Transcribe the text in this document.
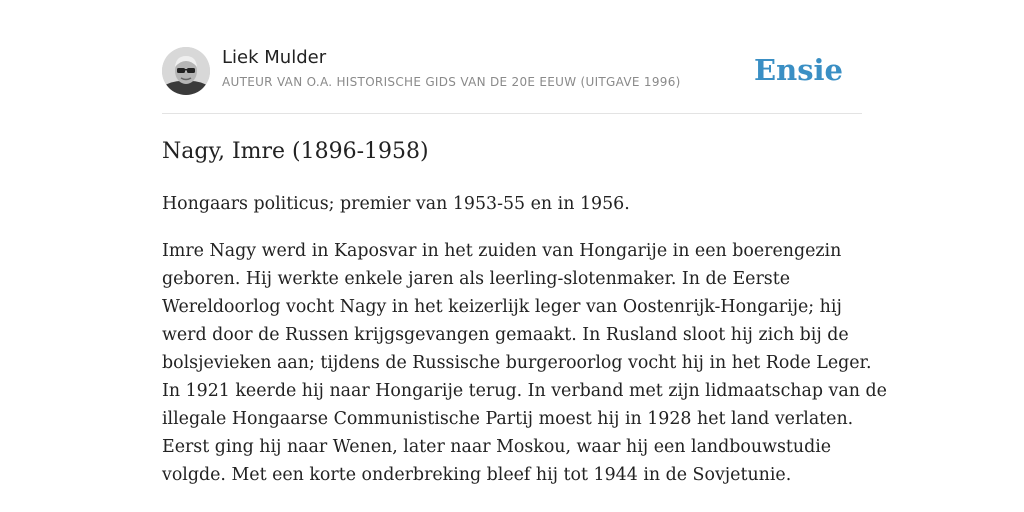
Liek Mulder
AUTEUR VAN O.A. HISTORISCHE GIDS VAN DE 20E EEUW (UITGAVE 1996)	Ensie
Nagy, Imre (1896-1958)

Hongaars politicus; premier van 1953-55 en in 1956.

Imre Nagy werd in Kaposvar in het zuiden van Hongarije in een boerengezin
geboren. Hij werkte enkele jaren als leerling-slotenmaker. In de Eerste
Wereldoorlog vocht Nagy in het keizerlijk leger van Oostenrijk-Hongarije; hij
werd door de Russen krijgsgevangen gemaakt. In Rusland sloot hij zich bij de
bolsjevieken aan; tijdens de Russische burgeroorlog vocht hij in het Rode Leger.
In 1921 keerde hij naar Hongarije terug. In verband met zijn lidmaatschap van de
illegale Hongaarse Communistische Partij moest hij in 1928 het land verlaten.
Eerst ging hij naar Wenen, later naar Moskou, waar hij een landbouwstudie
volgde. Met een korte onderbreking bleef hij tot 1944 in de Sovjetunie.
